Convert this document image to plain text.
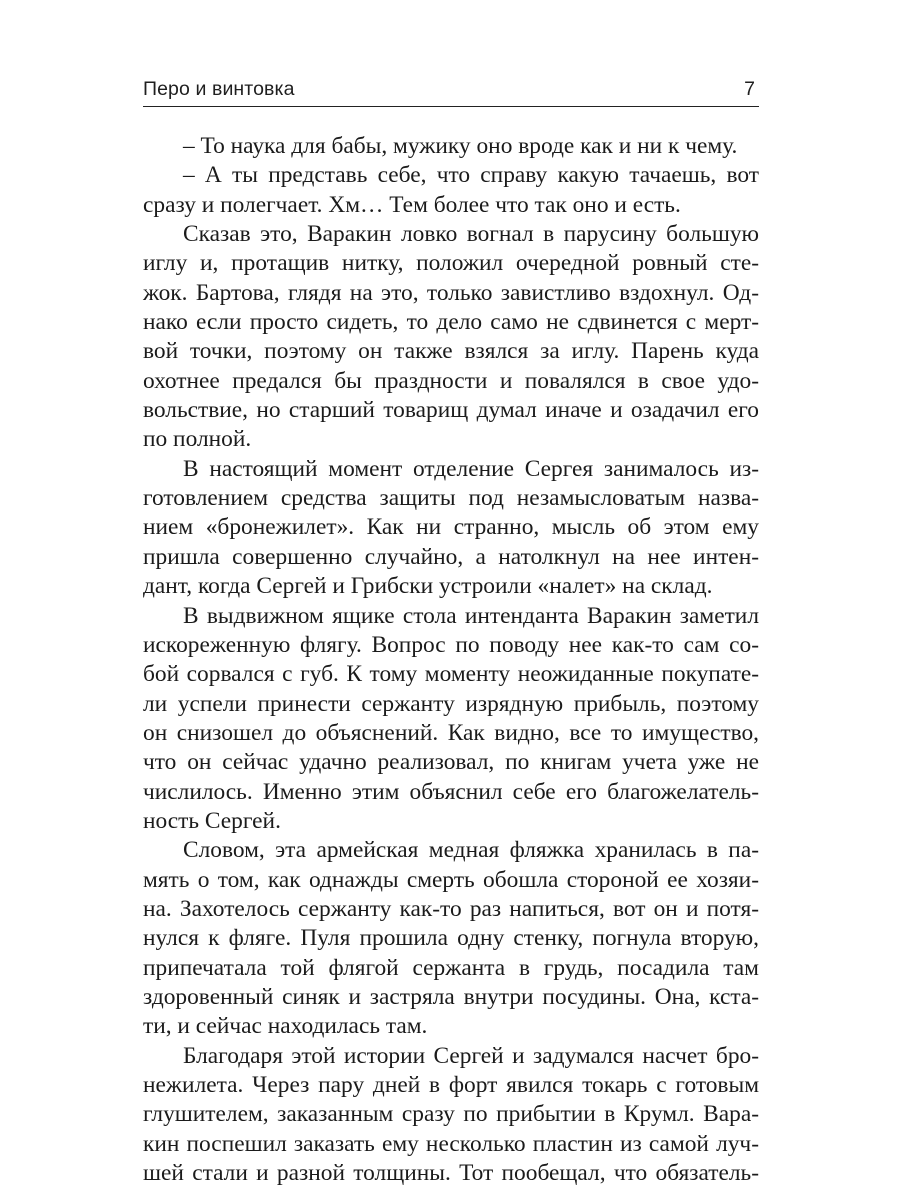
Перо и винтовка	7

– То наука для бабы, мужику оно вроде как и ни к чему.

– А ты представь себе, что справу какую тачаешь, вот
сразу и полегчает. Хм… Тем более что так оно и есть.

Сказав это, Варакин ловко вогнал в парусину большую
иглу и, протащив нитку, положил очередной ровный сте-
жок. Бартова, глядя на это, только завистливо вздохнул. Од-
нако если просто сидеть, то дело само не сдвинется с мерт-
вой точки, поэтому он также взялся за иглу. Парень куда
охотнее предался бы праздности и повалялся в свое удо-
вольствие, но старший товарищ думал иначе и озадачил его
по полной.

В настоящий момент отделение Сергея занималось из-
готовлением средства защиты под незамысловатым назва-
нием «бронежилет». Как ни странно, мысль об этом ему
пришла совершенно случайно, а натолкнул на нее интен-
дант, когда Сергей и Грибски устроили «налет» на склад.

В выдвижном ящике стола интенданта Варакин заметил
искореженную флягу. Вопрос по поводу нее как-то сам со-
бой сорвался с губ. К тому моменту неожиданные покупате-
ли успели принести сержанту изрядную прибыль, поэтому
он снизошел до объяснений. Как видно, все то имущество,
что он сейчас удачно реализовал, по книгам учета уже не
числилось. Именно этим объяснил себе его благожелатель-
ность Сергей.

Словом, эта армейская медная фляжка хранилась в па-
мять о том, как однажды смерть обошла стороной ее хозяи-
на. Захотелось сержанту как-то раз напиться, вот он и потя-
нулся к фляге. Пуля прошила одну стенку, погнула вторую,
припечатала той флягой сержанта в грудь, посадила там
здоровенный синяк и застряла внутри посудины. Она, кста-
ти, и сейчас находилась там.

Благодаря этой истории Сергей и задумался насчет бро-
нежилета. Через пару дней в форт явился токарь с готовым
глушителем, заказанным сразу по прибытии в Крумл. Вара-
кин поспешил заказать ему несколько пластин из самой луч-
шей стали и разной толщины. Тот пообещал, что обязатель-
